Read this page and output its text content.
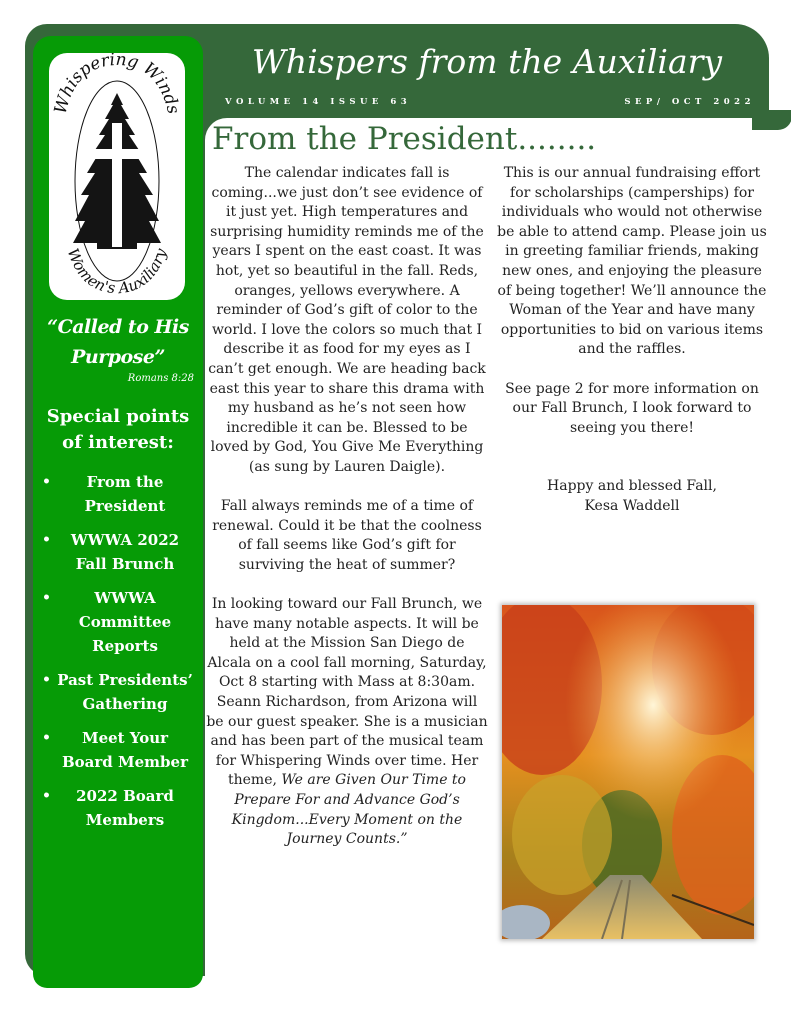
Whispering Winds
Women's Auxiliary
“Called to His Purpose”
Romans 8:28
Special points of interest:
• From the President
• WWWA 2022 Fall Brunch
•	WWWA Committee Reports
• Past Presidents’ Gathering
• Meet Your Board Member
• 2022 Board Members
Whispers from the Auxiliary
VOLUME 14 ISSUE 63	SEP/ OCT 2022
From the President........

The calendar indicates fall is coming...we just don’t see evidence of it just yet. High temperatures and surprising humidity reminds me of the years I spent on the east coast. It was hot, yet so beautiful in the fall. Reds, oranges, yellows everywhere. A reminder of God’s gift of color to the world. I love the colors so much that I describe it as food for my eyes as I can’t get enough. We are heading back east this year to share this drama with my husband as he’s not seen how incredible it can be. Blessed to be loved by God, You Give Me Everything (as sung by Lauren Daigle).

Fall always reminds me of a time of renewal. Could it be that the coolness of fall seems like God’s gift for surviving the heat of summer?

In looking toward our Fall Brunch, we have many notable aspects. It will be held at the Mission San Diego de Alcala on a cool fall morning, Saturday, Oct 8 starting with Mass at 8:30am. Seann Richardson, from Arizona will be our guest speaker. She is a musician and has been part of the musical team for Whispering Winds over time. Her theme, We are Given Our Time to Prepare For and Advance God’s Kingdom...Every Moment on the Journey Counts.”

This is our annual fundraising effort for scholarships (camperships) for individuals who would not otherwise be able to attend camp. Please join us in greeting familiar friends, making new ones, and enjoying the pleasure of being together! We’ll announce the Woman of the Year and have many opportunities to bid on various items and the raffles.

See page 2 for more information on our Fall Brunch, I look forward to seeing you there!

Happy and blessed Fall,

Kesa Waddell
